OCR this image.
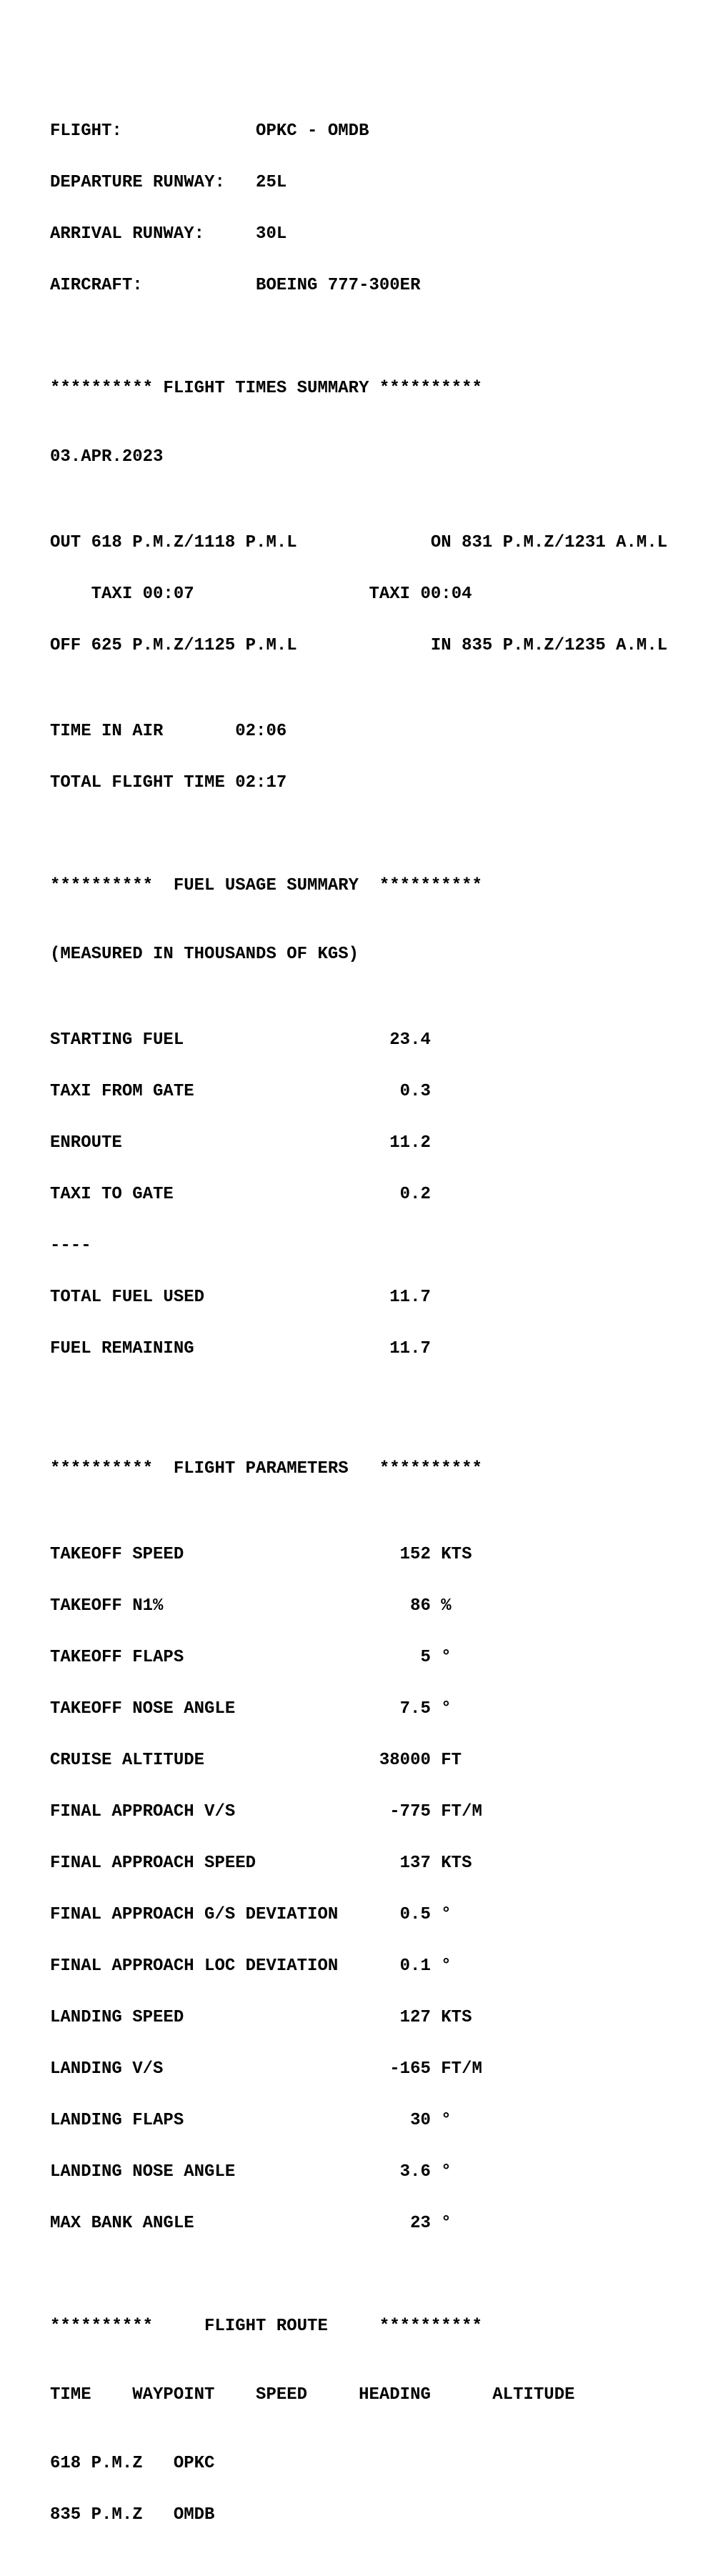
FLIGHT:	OPKC - OMDB

DEPARTURE RUNWAY: 25L

ARRIVAL RUNWAY:	30L

AIRCRAFT:	BOEING 777-300ER

********** FLIGHT TIMES SUMMARY **********

03.APR.2023

OUT 618 P.M.Z/1118 P.M.L	ON 831 P.M.Z/1231 A.M.L

TAXI 00:07	TAXI 00:04

OFF 625 P.M.Z/1125 P.M.L	IN 835 P.M.Z/1235 A.M.L

TIME IN AIR	02:06

TOTAL FLIGHT TIME 02:17

**********  FUEL USAGE SUMMARY  **********

(MEASURED IN THOUSANDS OF KGS)

STARTING FUEL	23.4

TAXI FROM GATE	0.3

ENROUTE	11.2

TAXI TO GATE	0.2

----

TOTAL FUEL USED	11.7

FUEL REMAINING	11.7

**********  FLIGHT PARAMETERS   **********

TAKEOFF SPEED	152 KTS

TAKEOFF N1%	86 %

TAKEOFF FLAPS	5 °

TAKEOFF NOSE ANGLE	7.5 °

CRUISE ALTITUDE	38000 FT

FINAL APPROACH V/S	-775 FT/M

FINAL APPROACH SPEED	137 KTS

FINAL APPROACH G/S DEVIATION	0.5 °

FINAL APPROACH LOC DEVIATION	0.1 °

LANDING SPEED	127 KTS

LANDING V/S	-165 FT/M

LANDING FLAPS	30 °

LANDING NOSE ANGLE	3.6 °

MAX BANK ANGLE	23 °

**********     FLIGHT ROUTE     **********

TIME WAYPOINT SPEED	HEADING	ALTITUDE

618 P.M.Z OPKC

835 P.M.Z OMDB
